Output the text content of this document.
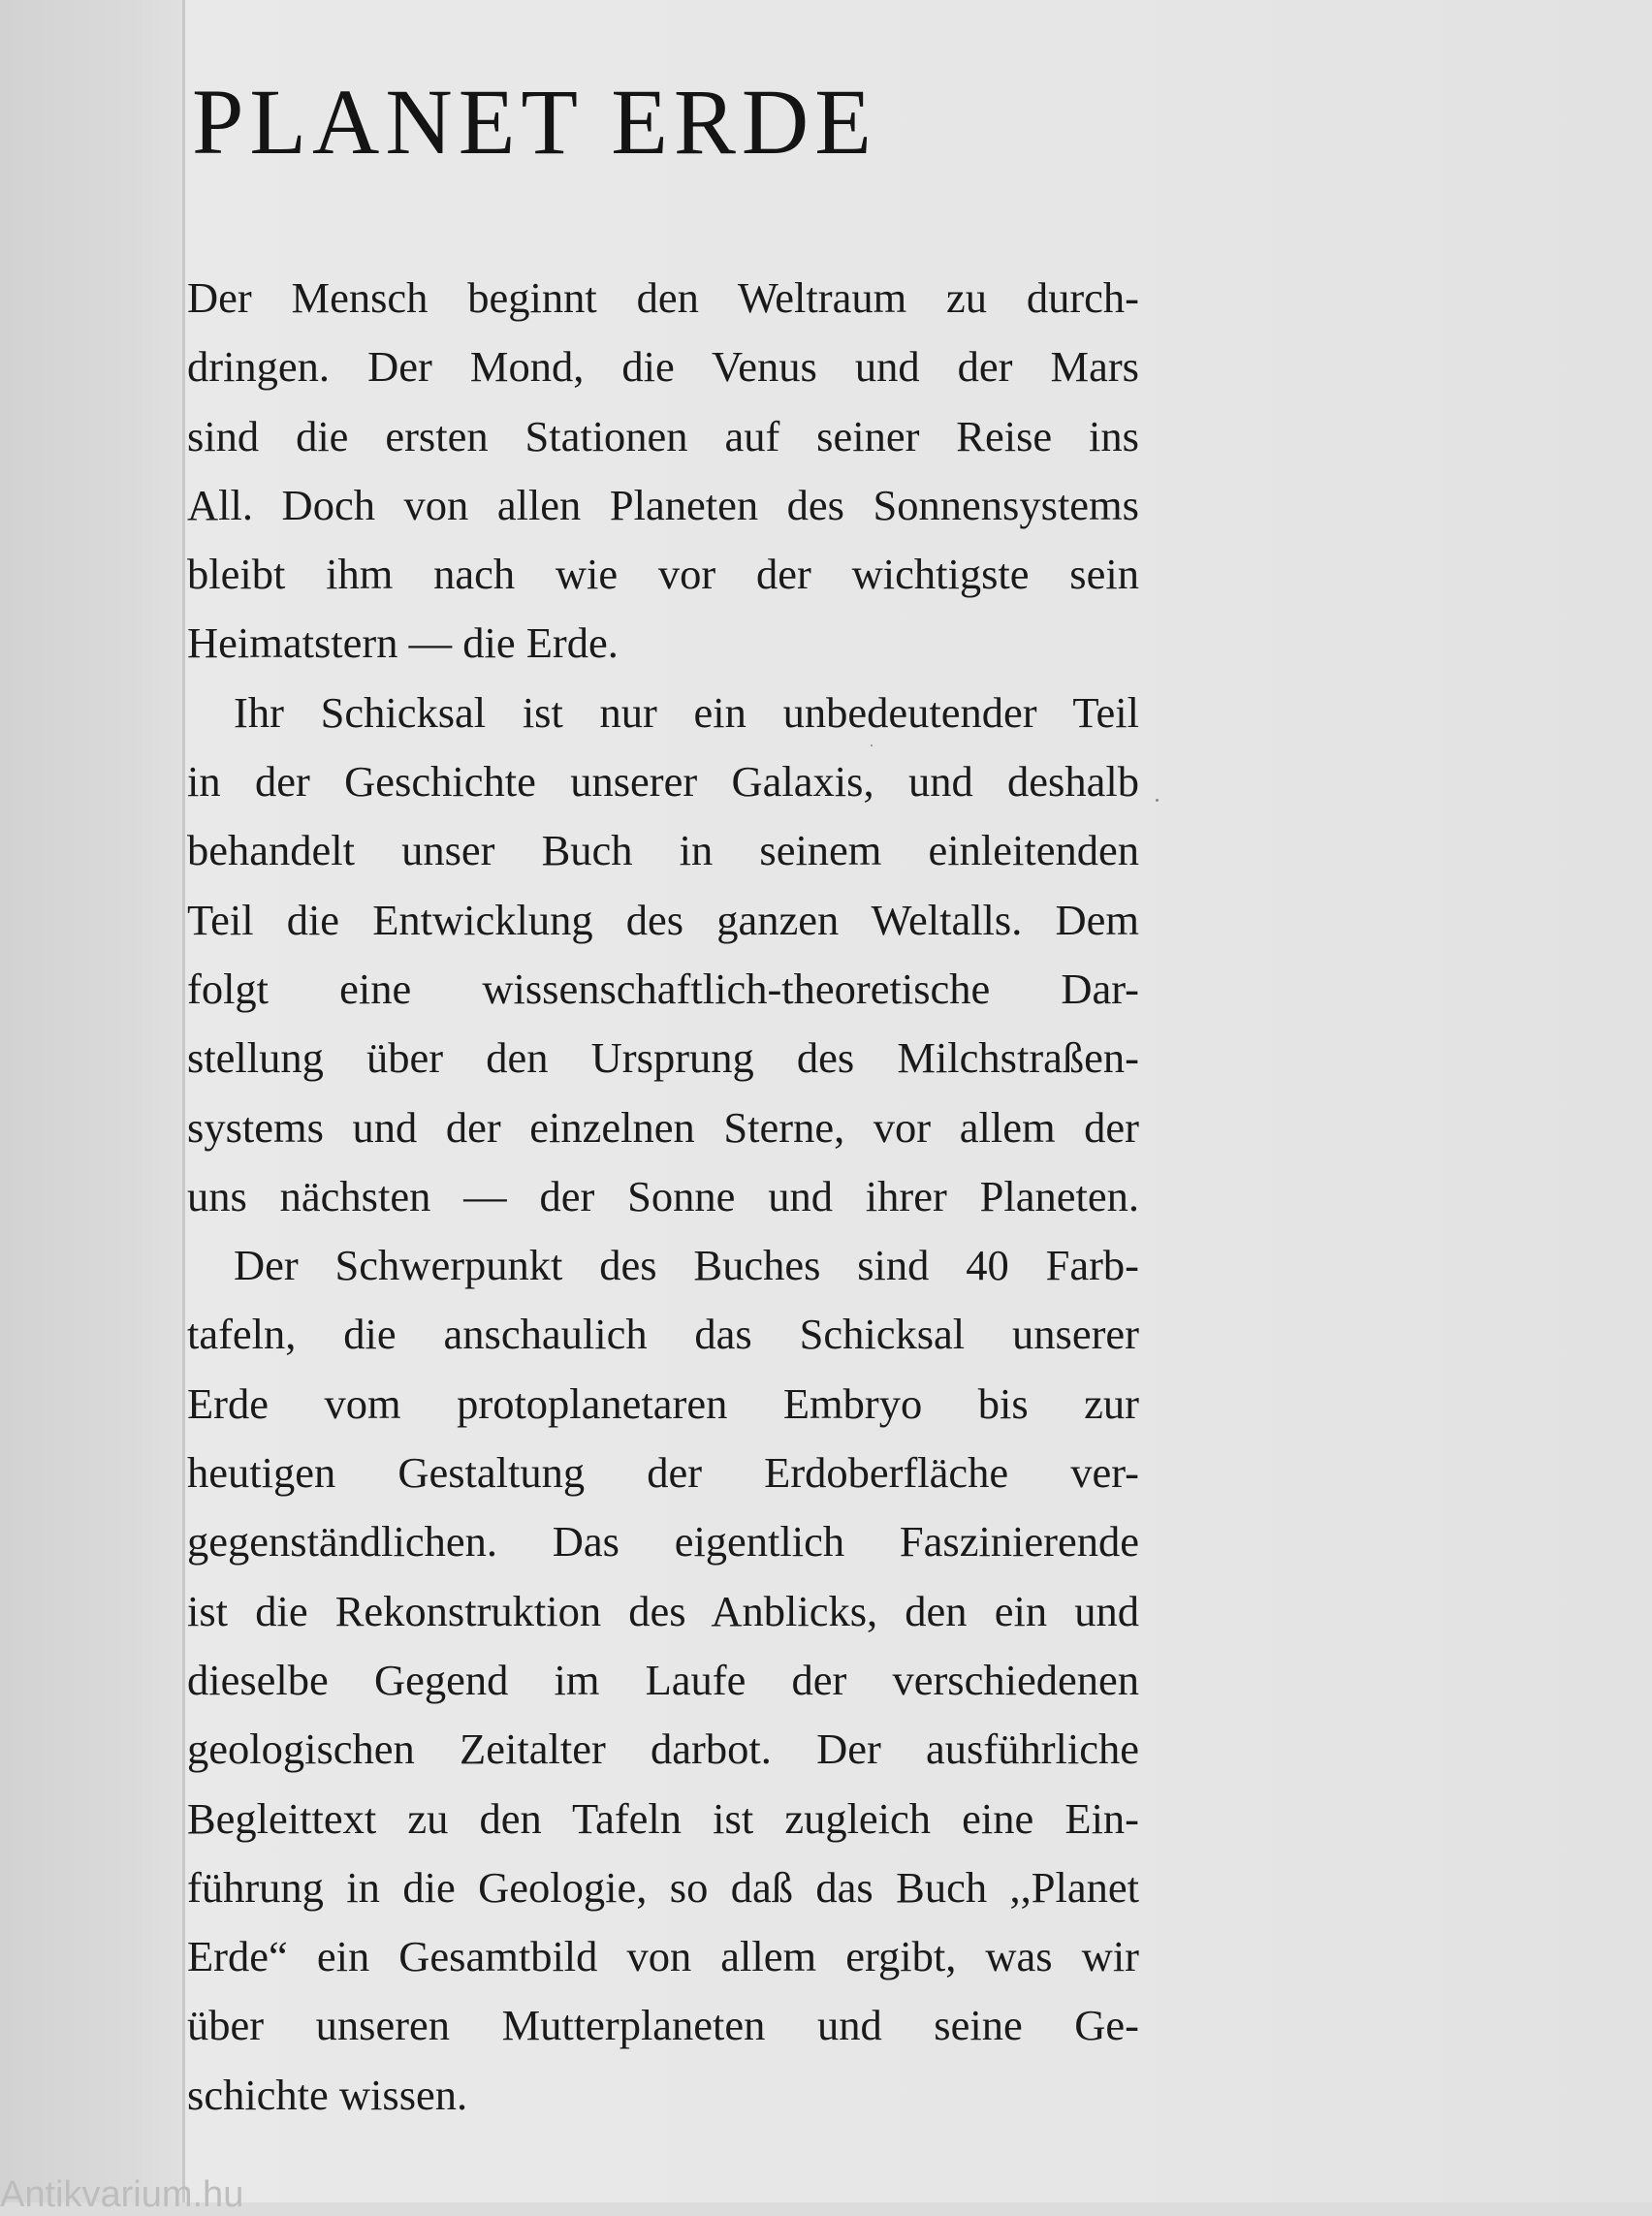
PLANET ERDE
Der Mensch beginnt den Weltraum zu durch-
dringen. Der Mond, die Venus und der Mars
sind die ersten Stationen auf seiner Reise ins
All. Doch von allen Planeten des Sonnensystems
bleibt ihm nach wie vor der wichtigste sein
Heimatstern — die Erde.
Ihr Schicksal ist nur ein unbedeutender Teil
in der Geschichte unserer Galaxis, und deshalb
behandelt unser Buch in seinem einleitenden
Teil die Entwicklung des ganzen Weltalls. Dem
folgt eine wissenschaftlich-theoretische Dar-
stellung über den Ursprung des Milchstraßen-
systems und der einzelnen Sterne, vor allem der
uns nächsten — der Sonne und ihrer Planeten.
Der Schwerpunkt des Buches sind 40 Farb-
tafeln, die anschaulich das Schicksal unserer
Erde vom protoplanetaren Embryo bis zur
heutigen Gestaltung der Erdoberfläche ver-
gegenständlichen. Das eigentlich Faszinierende
ist die Rekonstruktion des Anblicks, den ein und
dieselbe Gegend im Laufe der verschiedenen
geologischen Zeitalter darbot. Der ausführliche
Begleittext zu den Tafeln ist zugleich eine Ein-
führung in die Geologie, so daß das Buch ,,Planet
Erde“ ein Gesamtbild von allem ergibt, was wir
über unseren Mutterplaneten und seine Ge-
schichte wissen.
Antikvarium.hu
